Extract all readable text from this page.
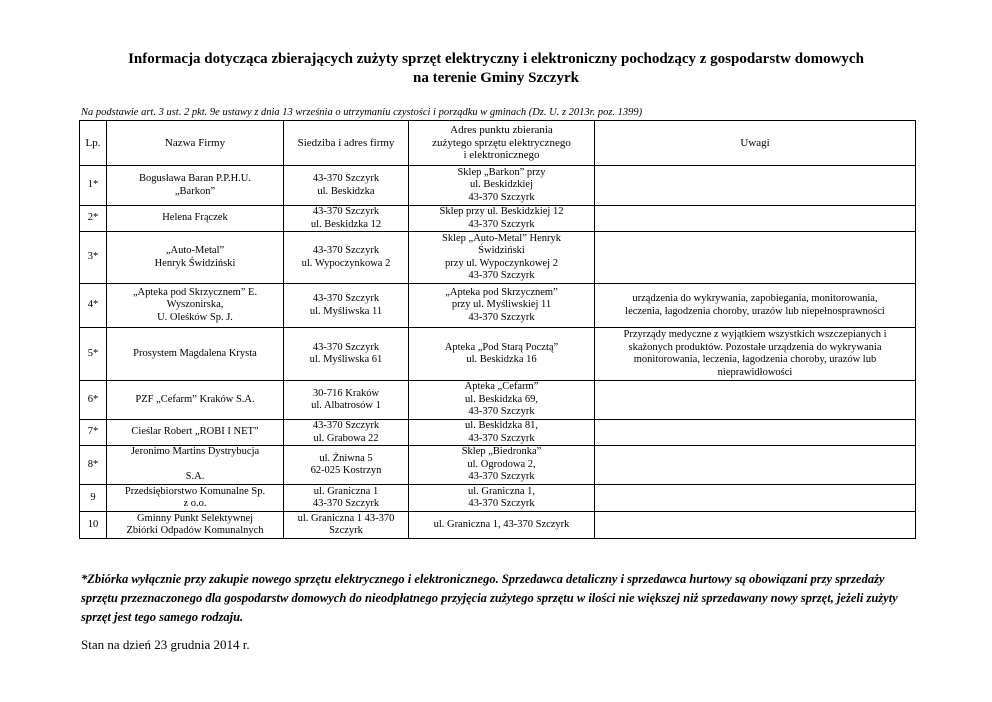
Informacja dotycząca zbierających zużyty sprzęt elektryczny i elektroniczny pochodzący z gospodarstw domowych
na terenie Gminy Szczyrk
Na podstawie art. 3 ust. 2 pkt. 9e ustawy z dnia 13 września o utrzymaniu czystości i porządku w gminach (Dz. U. z 2013r. poz. 1399)
Lp.	Nazwa Firmy	Siedziba i adres firmy	Adres punktu zbierania
zużytego sprzętu elektrycznego
i elektronicznego	Uwagi
1*	Bogusława Baran P.P.H.U.
„Barkon”	43-370 Szczyrk
ul. Beskidzka	Sklep „Barkon” przy
ul. Beskidzkiej
43-370 Szczyrk	
2*	Helena Frączek	43-370 Szczyrk
ul. Beskidzka 12	Sklep przy ul. Beskidzkiej 12
43-370 Szczyrk	
3*	„Auto-Metal”
Henryk Świdziński	43-370 Szczyrk
ul. Wypoczynkowa 2	Sklep „Auto-Metal” Henryk
Świdziński
przy ul. Wypoczynkowej 2
43-370 Szczyrk	
4*	„Apteka pod Skrzycznem” E.
Wyszonirska,
U. Oleśków Sp. J.	43-370 Szczyrk
ul. Myśliwska 11	„Apteka pod Skrzycznem”
przy ul. Myśliwskiej 11
43-370 Szczyrk	urządzenia do wykrywania, zapobiegania, monitorowania,
leczenia, łagodzenia choroby, urazów lub niepełnosprawności
5*	Prosystem Magdalena Krysta	43-370 Szczyrk
ul. Myśliwska 61	Apteka „Pod Starą Pocztą”
ul. Beskidzka 16	Przyrządy medyczne z wyjątkiem wszystkich wszczepianych i
skażonych produktów. Pozostałe urządzenia do wykrywania
monitorowania, leczenia, łagodzenia choroby, urazów lub
nieprawidłowości
6*	PZF „Cefarm” Kraków S.A.	30-716 Kraków
ul. Albatrosów 1	Apteka „Cefarm”
ul. Beskidzka 69,
43-370 Szczyrk	
7*	Cieślar Robert „ROBI I NET”	43-370 Szczyrk
ul. Grabowa 22	ul. Beskidzka 81,
43-370 Szczyrk	
8*	Jeronimo Martins Dystrybucja

S.A.	ul. Żniwna 5
62-025 Kostrzyn	Sklep „Biedronka”
ul. Ogrodowa 2,
43-370 Szczyrk	
9	Przedsiębiorstwo Komunalne Sp.
z o.o.	ul. Graniczna 1
43-370 Szczyrk	ul. Graniczna 1,
43-370 Szczyrk	
10	Gminny Punkt Selektywnej
Zbiórki Odpadów Komunalnych	ul. Graniczna 1 43-370
Szczyrk	ul. Graniczna 1, 43-370 Szczyrk	
*Zbiórka wyłącznie przy zakupie nowego sprzętu elektrycznego i elektronicznego. Sprzedawca detaliczny i sprzedawca hurtowy są obowiązani przy sprzedaży sprzętu przeznaczonego dla gospodarstw domowych do nieodpłatnego przyjęcia zużytego sprzętu w ilości nie większej niż sprzedawany nowy sprzęt, jeżeli zużyty sprzęt jest tego samego rodzaju.
Stan na dzień 23 grudnia 2014 r.
